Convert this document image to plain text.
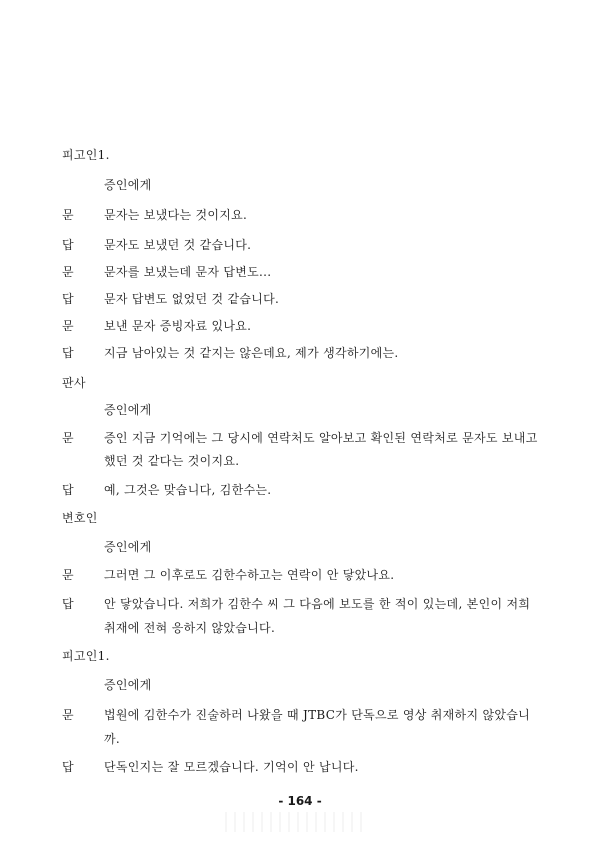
피고인1.
증인에게
문	문자는 보냈다는 것이지요.
답	문자도 보냈던 것 같습니다.
문	문자를 보냈는데 문자 답변도...
답	문자 답변도 없었던 것 같습니다.
문	보낸 문자 증빙자료 있나요.
답	지금 남아있는 것 같지는 않은데요, 제가 생각하기에는.
판사
증인에게
문	증인 지금 기억에는 그 당시에 연락처도 알아보고 확인된 연락처로 문자도 보내고
했던 것 같다는 것이지요.
답	예, 그것은 맞습니다, 김한수는.
변호인
증인에게
문	그러면 그 이후로도 김한수하고는 연락이 안 닿았나요.
답	안 닿았습니다. 저희가 김한수 씨 그 다음에 보도를 한 적이 있는데, 본인이 저희
취재에 전혀 응하지 않았습니다.
피고인1.
증인에게
문	법원에 김한수가 진술하러 나왔을 때 JTBC가 단독으로 영상 취재하지 않았습니
까.
답	단독인지는 잘 모르겠습니다. 기억이 안 납니다.
- 164 -
